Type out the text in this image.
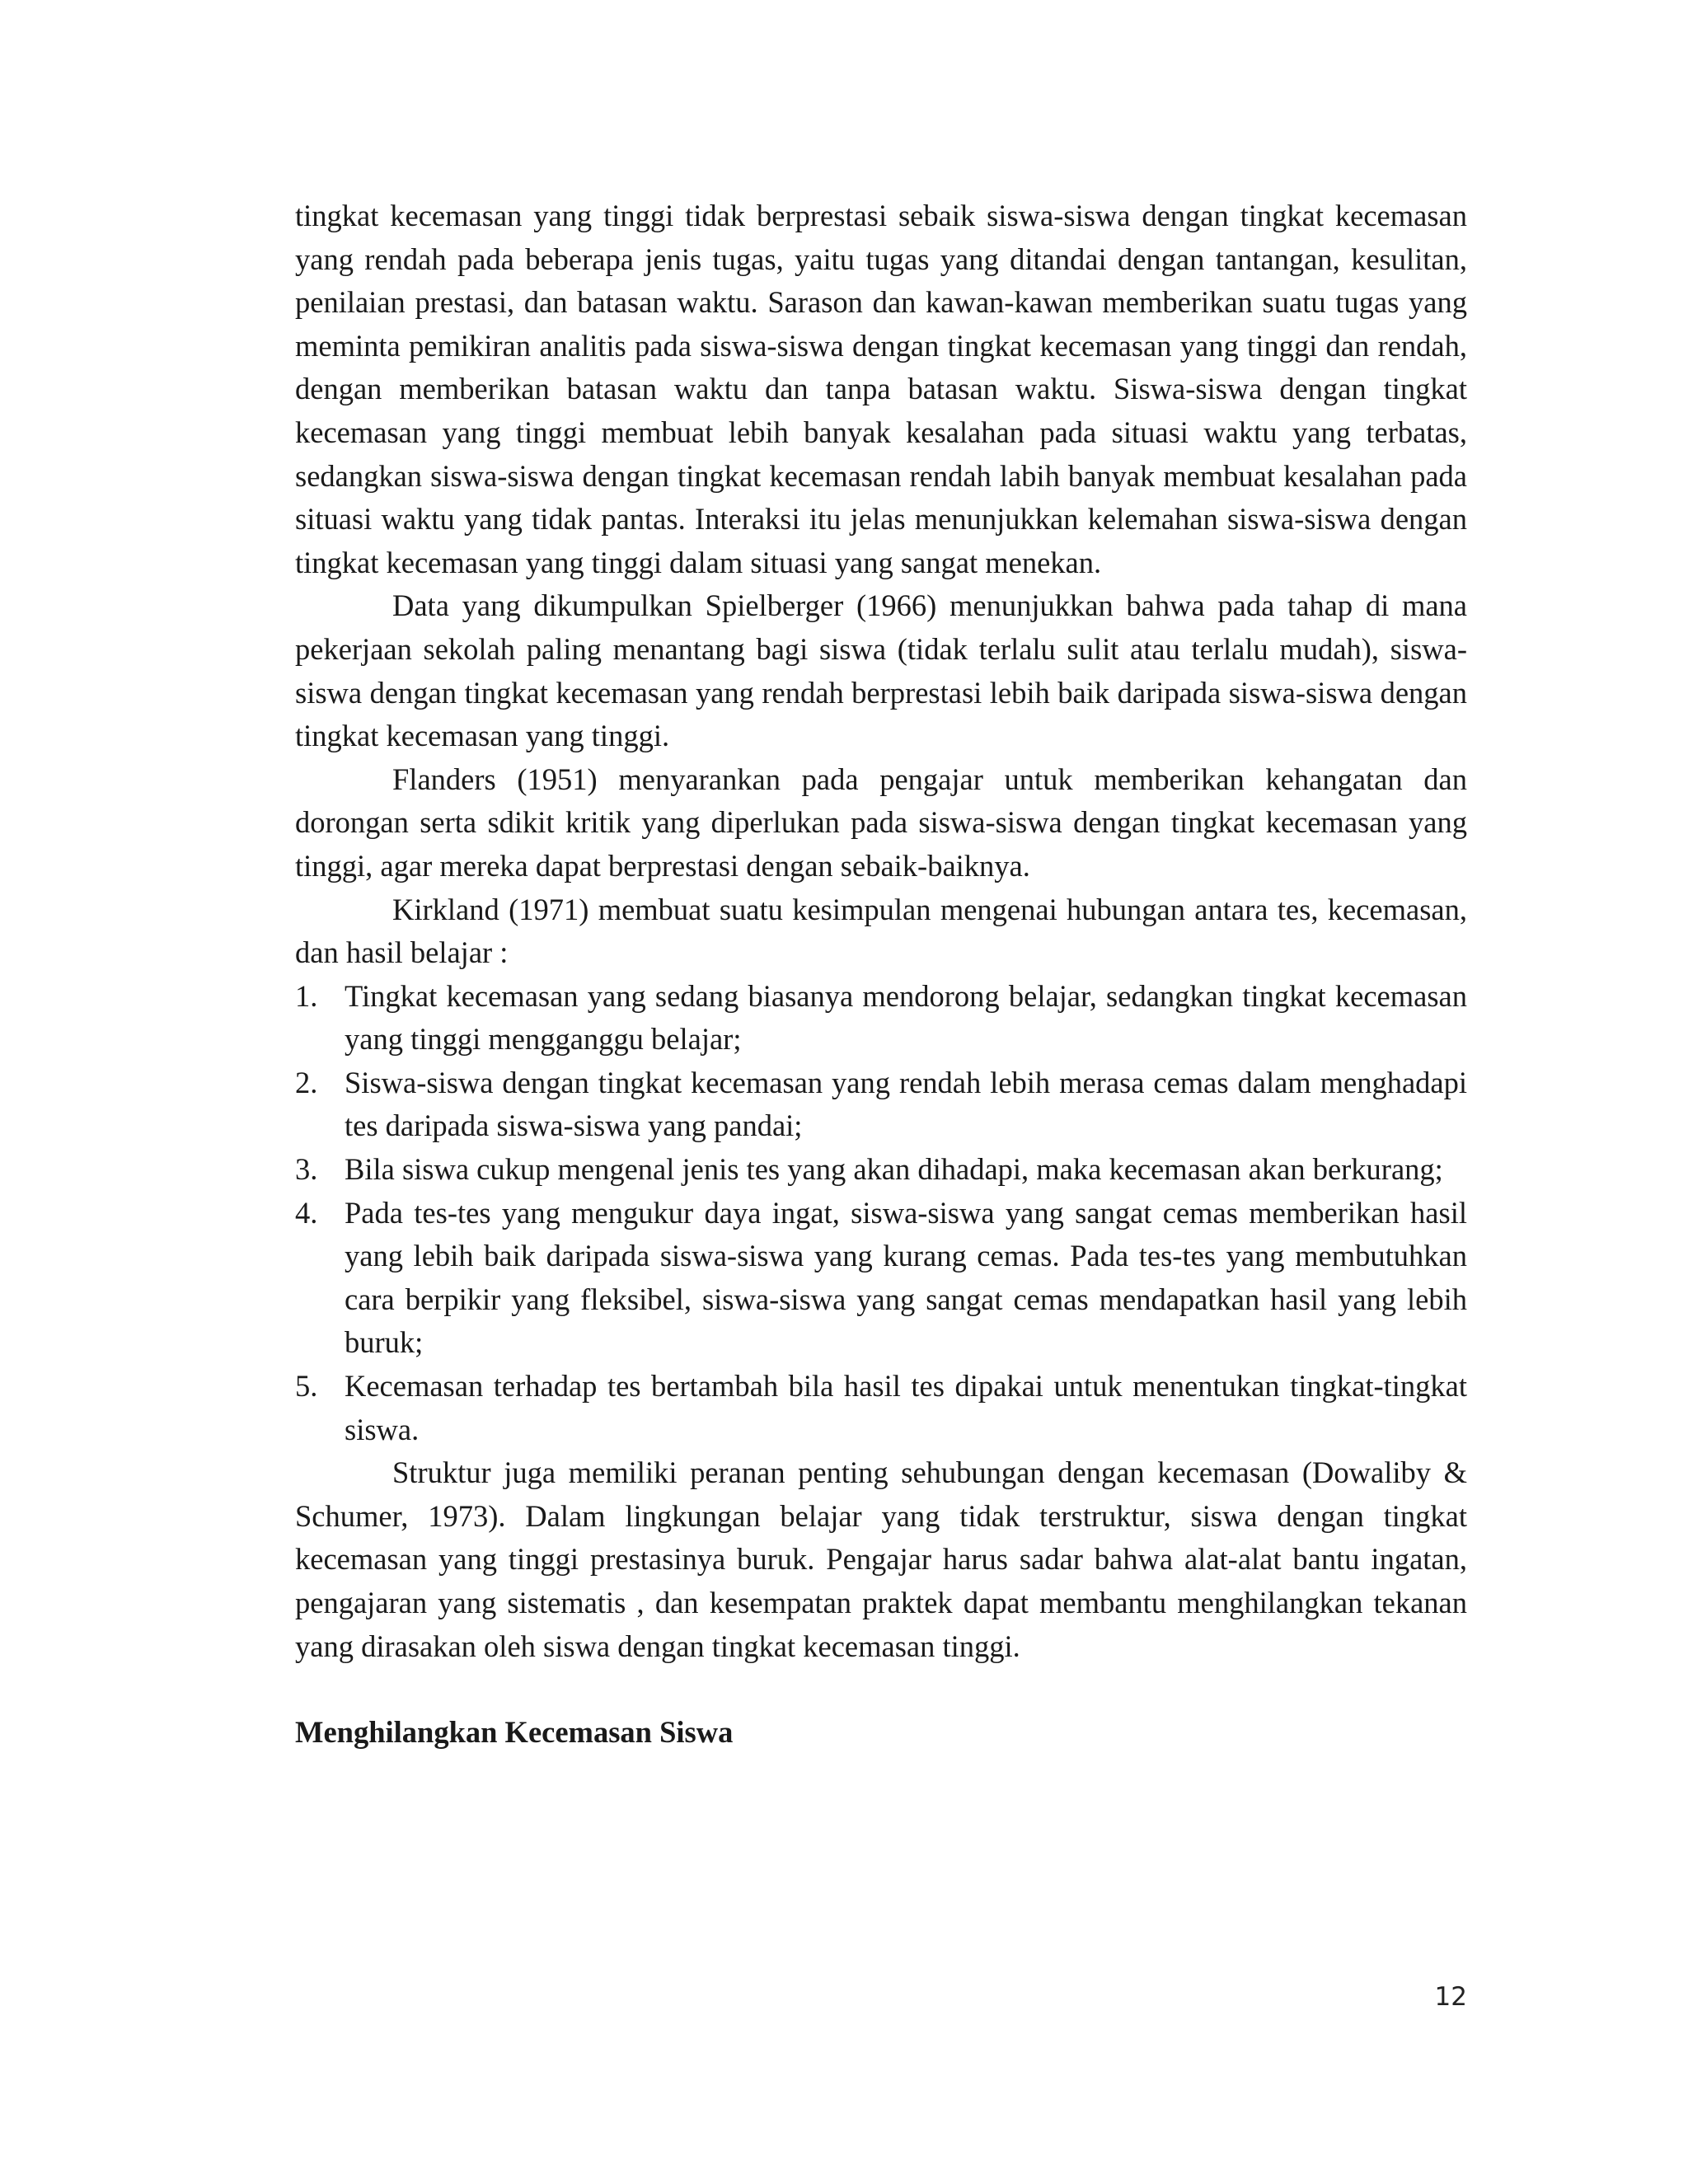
tingkat kecemasan yang tinggi tidak berprestasi sebaik siswa-siswa dengan tingkat kecemasan yang rendah pada beberapa jenis tugas, yaitu tugas yang ditandai dengan tantangan, kesulitan, penilaian prestasi, dan batasan waktu. Sarason dan kawan-kawan memberikan suatu tugas yang meminta pemikiran analitis pada siswa-siswa dengan tingkat kecemasan yang tinggi dan rendah, dengan memberikan batasan waktu dan tanpa batasan waktu. Siswa-siswa dengan tingkat kecemasan yang tinggi membuat lebih banyak kesalahan pada situasi waktu yang terbatas, sedangkan siswa-siswa dengan tingkat kecemasan rendah labih banyak membuat kesalahan pada situasi waktu yang tidak pantas. Interaksi itu jelas menunjukkan kelemahan siswa-siswa dengan tingkat kecemasan yang tinggi dalam situasi yang sangat menekan.

Data yang dikumpulkan Spielberger (1966) menunjukkan bahwa pada tahap di mana pekerjaan sekolah paling menantang bagi siswa (tidak terlalu sulit atau terlalu mudah), siswa-siswa dengan tingkat kecemasan yang rendah berprestasi lebih baik daripada siswa-siswa dengan tingkat kecemasan yang tinggi.

Flanders (1951) menyarankan pada pengajar untuk memberikan kehangatan dan dorongan serta sdikit kritik yang diperlukan pada siswa-siswa dengan tingkat kecemasan yang tinggi, agar mereka dapat berprestasi dengan sebaik-baiknya.

Kirkland (1971) membuat suatu kesimpulan mengenai hubungan antara tes, kecemasan, dan hasil belajar :

1. Tingkat kecemasan yang sedang biasanya mendorong belajar, sedangkan tingkat kecemasan yang tinggi mengganggu belajar;
2. Siswa-siswa dengan tingkat kecemasan yang rendah lebih merasa cemas dalam menghadapi tes daripada siswa-siswa yang pandai;
3. Bila siswa cukup mengenal jenis tes yang akan dihadapi, maka kecemasan akan berkurang;
4. Pada tes-tes yang mengukur daya ingat, siswa-siswa yang sangat cemas memberikan hasil yang lebih baik daripada siswa-siswa yang kurang cemas. Pada tes-tes yang membutuhkan cara berpikir yang fleksibel, siswa-siswa yang sangat cemas mendapatkan hasil yang lebih buruk;
5. Kecemasan terhadap tes bertambah bila hasil tes dipakai untuk menentukan tingkat-tingkat siswa.

Struktur juga memiliki peranan penting sehubungan dengan kecemasan (Dowaliby & Schumer, 1973). Dalam lingkungan belajar yang tidak terstruktur, siswa dengan tingkat kecemasan yang tinggi prestasinya buruk. Pengajar harus sadar bahwa alat-alat bantu ingatan, pengajaran yang sistematis , dan kesempatan praktek dapat membantu menghilangkan tekanan yang dirasakan oleh siswa dengan tingkat kecemasan tinggi.

Menghilangkan Kecemasan Siswa
12
